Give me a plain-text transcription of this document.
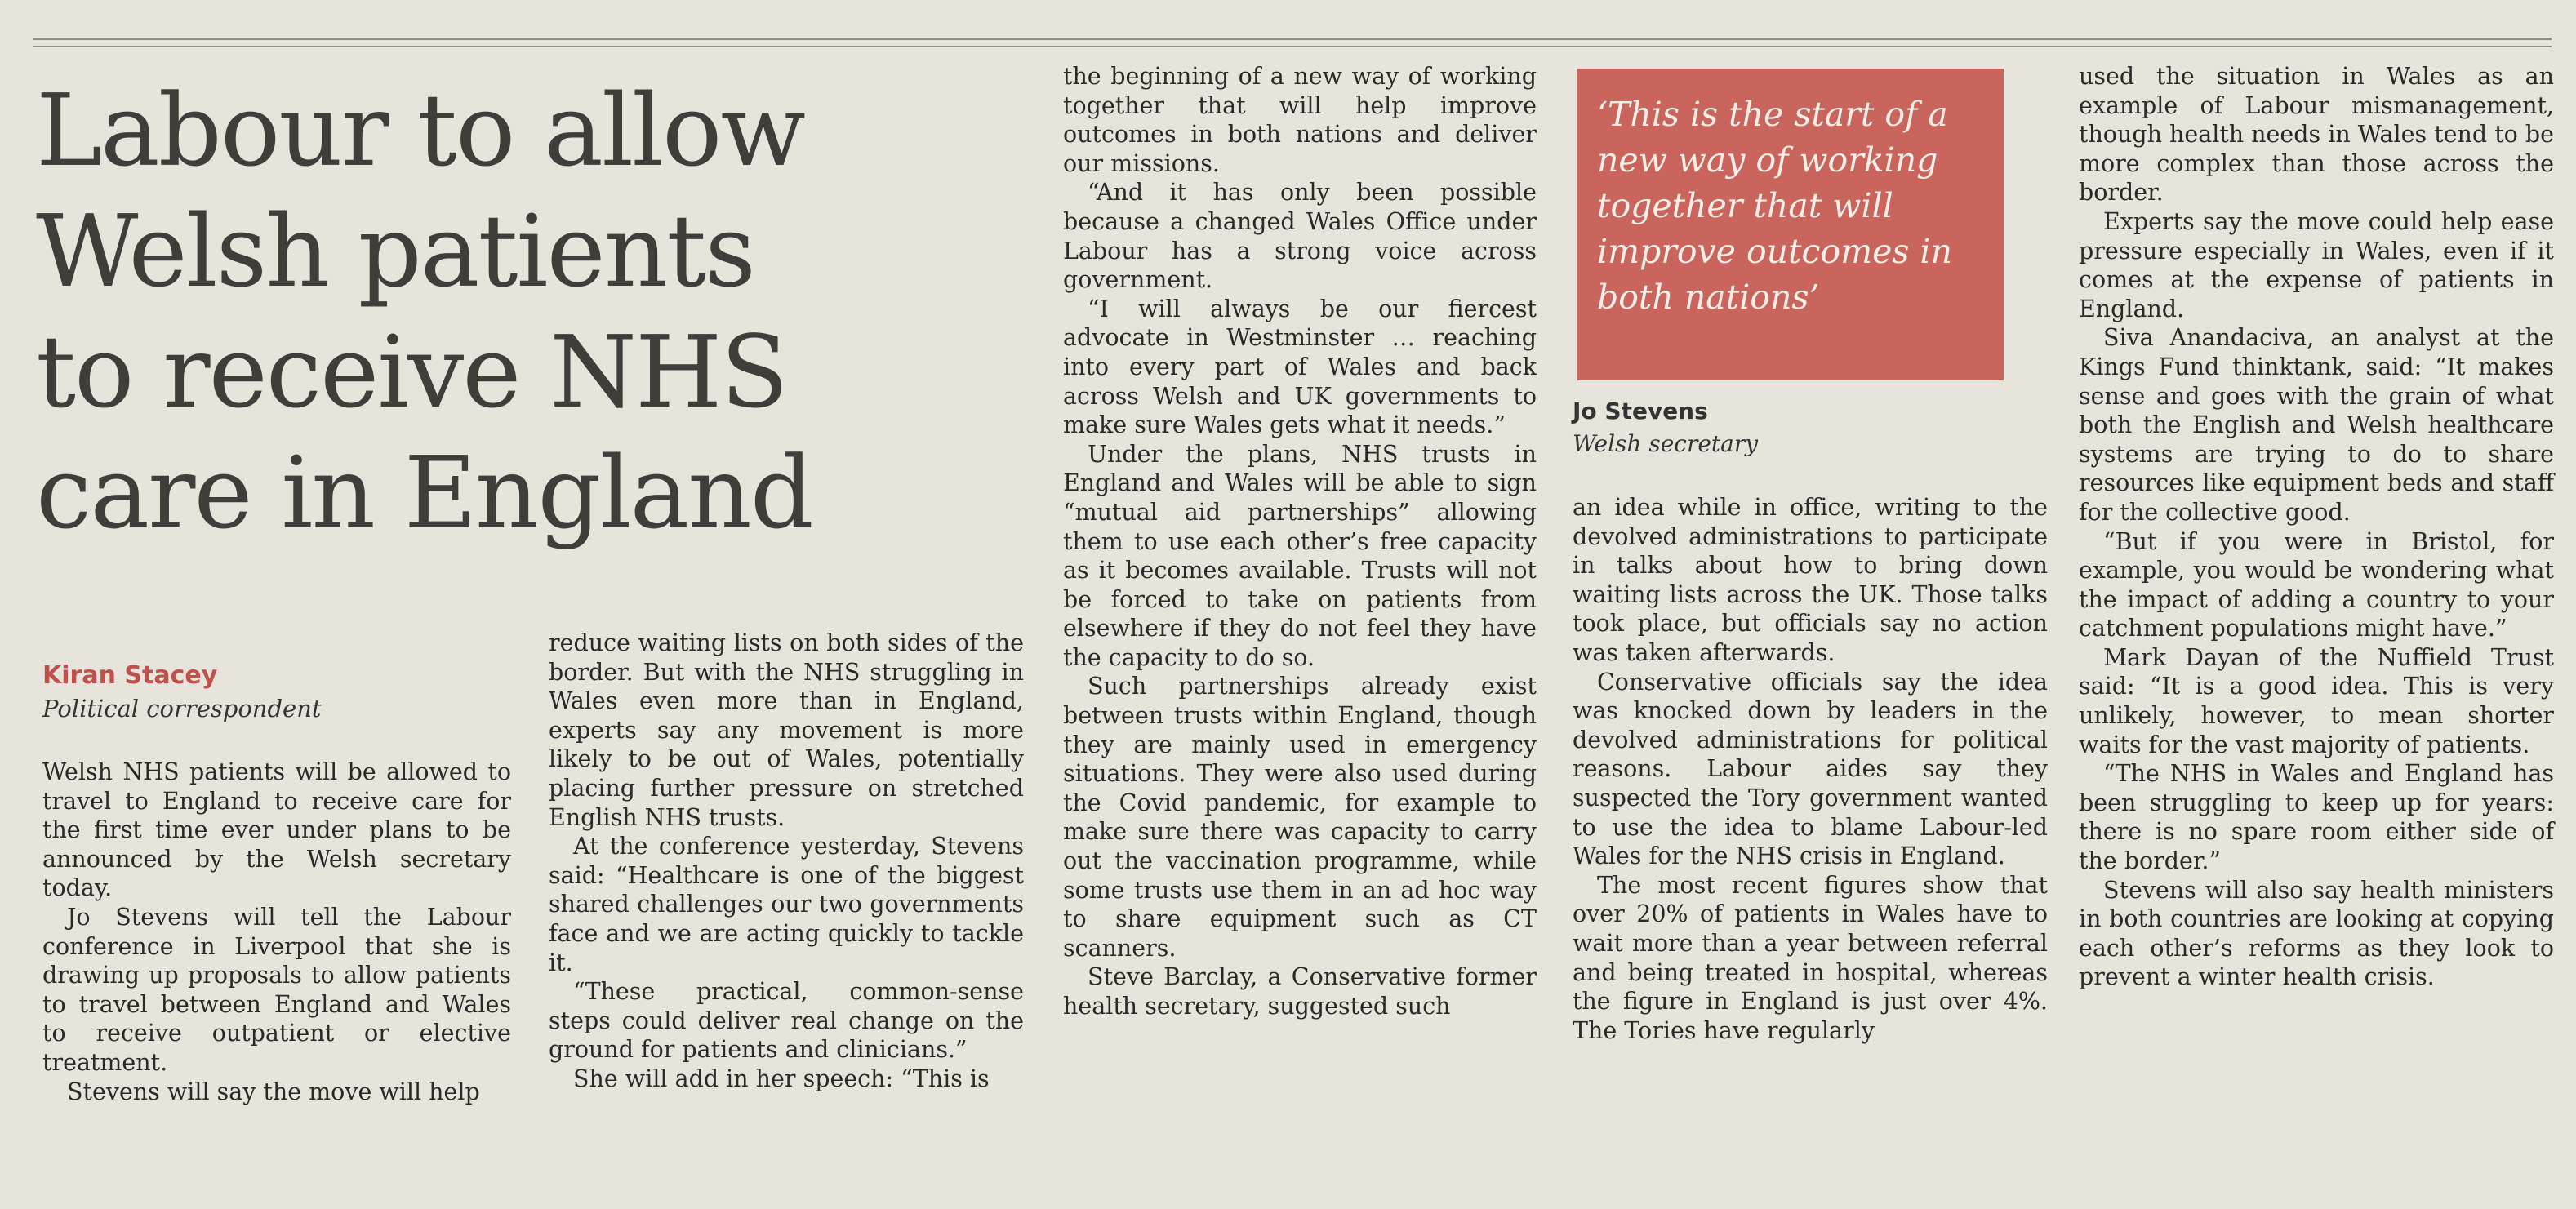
Labour to allow
Welsh patients
to receive NHS
care in England
Kiran Stacey
Political correspondent

Welsh NHS patients will be allowed to travel to England to receive care for the first time ever under plans to be announced by the Welsh secretary today.

Jo Stevens will tell the Labour conference in Liverpool that she is drawing up proposals to allow patients to travel between England and Wales to receive outpatient or elective treatment.

Stevens will say the move will help

reduce waiting lists on both sides of the border. But with the NHS struggling in Wales even more than in England, experts say any movement is more likely to be out of Wales, potentially placing further pressure on stretched English NHS trusts.

At the conference yesterday, Stevens said: “Healthcare is one of the biggest shared challenges our two governments face and we are acting quickly to tackle it.

“These practical, common-sense steps could deliver real change on the ground for patients and clinicians.”

She will add in her speech: “This is

the beginning of a new way of working together that will help improve outcomes in both nations and deliver our missions.

“And it has only been possible because a changed Wales Office under Labour has a strong voice across government.

“I will always be our fiercest advocate in Westminster … reaching into every part of Wales and back across Welsh and UK governments to make sure Wales gets what it needs.”

Under the plans, NHS trusts in England and Wales will be able to sign “mutual aid partnerships” allowing them to use each other’s free capacity as it becomes available. Trusts will not be forced to take on patients from elsewhere if they do not feel they have the capacity to do so.

Such partnerships already exist between trusts within England, though they are mainly used in emergency situations. They were also used during the Covid pandemic, for example to make sure there was capacity to carry out the vaccination programme, while some trusts use them in an ad hoc way to share equipment such as CT scanners.

Steve Barclay, a Conservative former health secretary, suggested such

‘This is the start of a new way of working together that will improve outcomes in both nations’
Jo Stevens
Welsh secretary

an idea while in office, writing to the devolved administrations to participate in talks about how to bring down waiting lists across the UK. Those talks took place, but officials say no action was taken afterwards.

Conservative officials say the idea was knocked down by leaders in the devolved administrations for political reasons. Labour aides say they suspected the Tory government wanted to use the idea to blame Labour-led Wales for the NHS crisis in England.

The most recent figures show that over 20% of patients in Wales have to wait more than a year between referral and being treated in hospital, whereas the figure in England is just over 4%. The Tories have regularly

used the situation in Wales as an example of Labour mismanagement, though health needs in Wales tend to be more complex than those across the border.

Experts say the move could help ease pressure especially in Wales, even if it comes at the expense of patients in England.

Siva Anandaciva, an analyst at the Kings Fund thinktank, said: “It makes sense and goes with the grain of what both the English and Welsh healthcare systems are trying to do to share resources like equipment beds and staff for the collective good.

“But if you were in Bristol, for example, you would be wondering what the impact of adding a country to your catchment populations might have.”

Mark Dayan of the Nuffield Trust said: “It is a good idea. This is very unlikely, however, to mean shorter waits for the vast majority of patients.

“The NHS in Wales and England has been struggling to keep up for years: there is no spare room either side of the border.”

Stevens will also say health ministers in both countries are looking at copying each other’s reforms as they look to prevent a winter health crisis.
